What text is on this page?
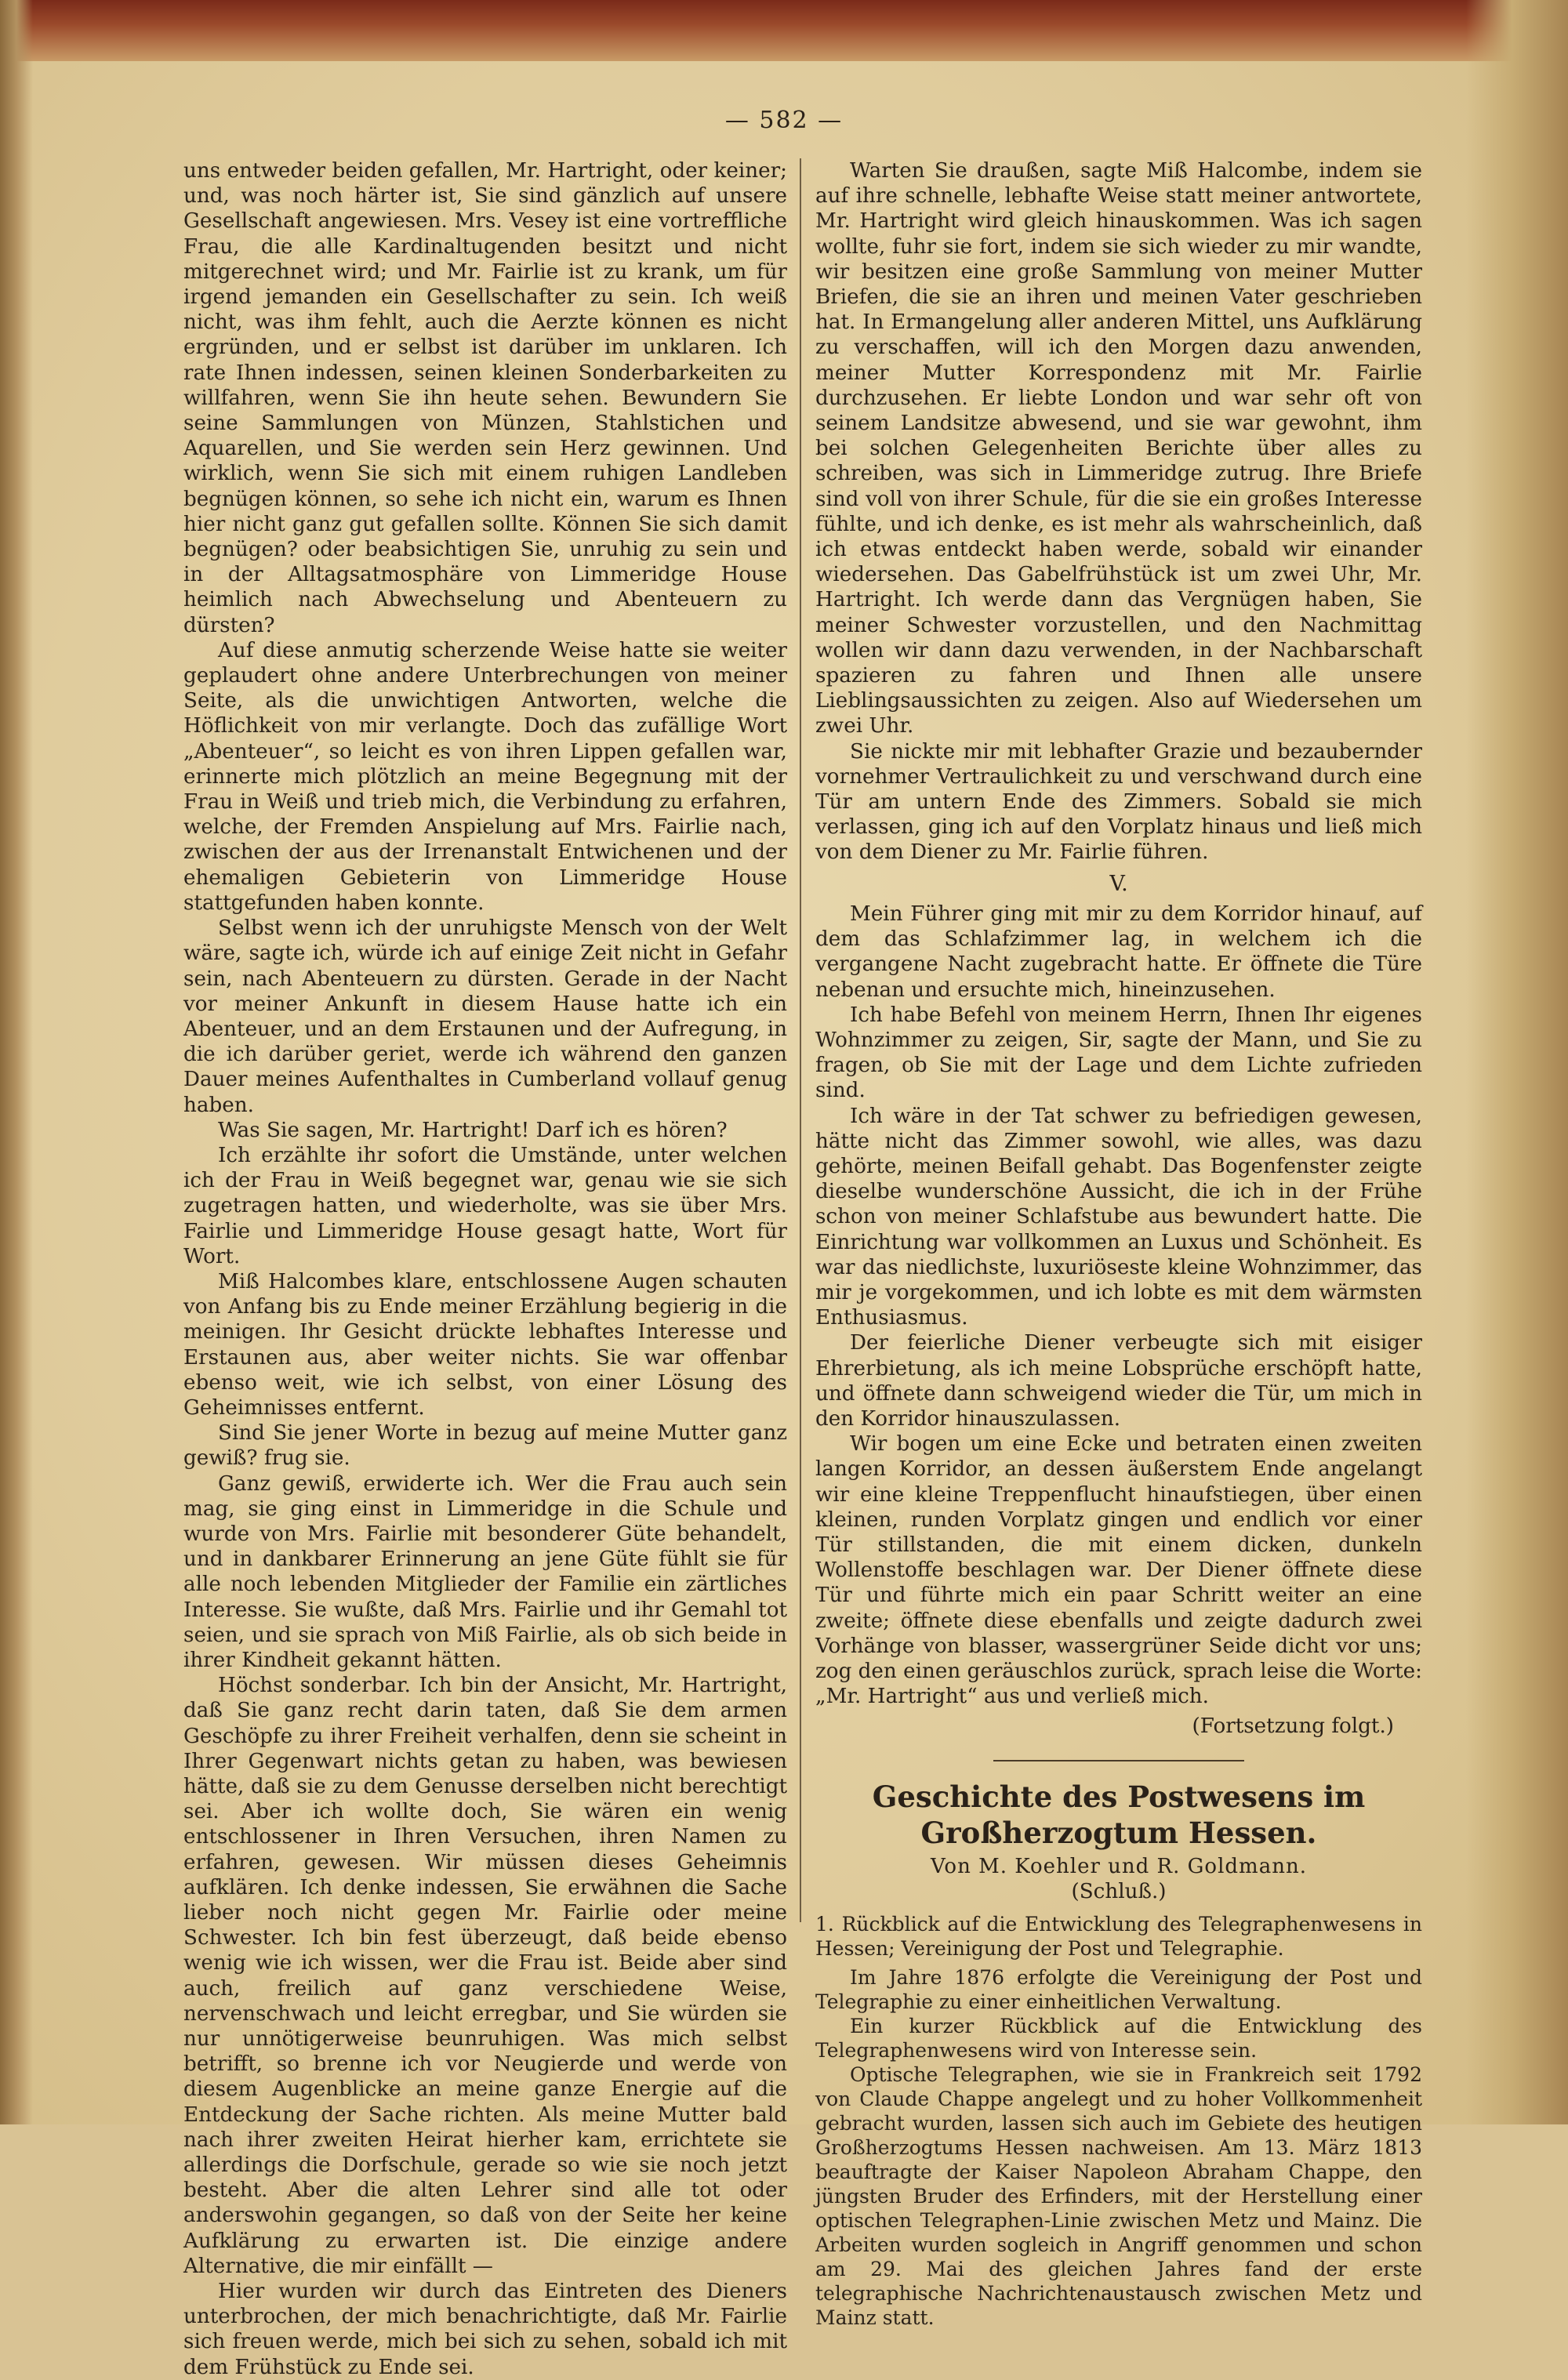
— 582 —

uns entweder beiden gefallen, Mr. Hartright, oder keiner; und, was noch härter ist, Sie sind gänzlich auf unsere Gesellschaft angewiesen. Mrs. Vesey ist eine vortreffliche Frau, die alle Kardinaltugenden besitzt und nicht mitgerechnet wird; und Mr. Fairlie ist zu krank, um für irgend jemanden ein Gesellschafter zu sein. Ich weiß nicht, was ihm fehlt, auch die Aerzte können es nicht ergründen, und er selbst ist darüber im unklaren. Ich rate Ihnen indessen, seinen kleinen Sonderbarkeiten zu willfahren, wenn Sie ihn heute sehen. Bewundern Sie seine Sammlungen von Münzen, Stahlstichen und Aquarellen, und Sie werden sein Herz gewinnen. Und wirklich, wenn Sie sich mit einem ruhigen Landleben begnügen können, so sehe ich nicht ein, warum es Ihnen hier nicht ganz gut gefallen sollte. Können Sie sich damit begnügen? oder beabsichtigen Sie, unruhig zu sein und in der Alltagsatmosphäre von Limmeridge House heimlich nach Abwechselung und Abenteuern zu dürsten?

Auf diese anmutig scherzende Weise hatte sie weiter geplaudert ohne andere Unterbrechungen von meiner Seite, als die unwichtigen Antworten, welche die Höflichkeit von mir verlangte. Doch das zufällige Wort „Abenteuer“, so leicht es von ihren Lippen gefallen war, erinnerte mich plötzlich an meine Begegnung mit der Frau in Weiß und trieb mich, die Verbindung zu erfahren, welche, der Fremden Anspielung auf Mrs. Fairlie nach, zwischen der aus der Irrenanstalt Entwichenen und der ehemaligen Gebieterin von Limmeridge House stattgefunden haben konnte.

Selbst wenn ich der unruhigste Mensch von der Welt wäre, sagte ich, würde ich auf einige Zeit nicht in Gefahr sein, nach Abenteuern zu dürsten. Gerade in der Nacht vor meiner Ankunft in diesem Hause hatte ich ein Abenteuer, und an dem Erstaunen und der Aufregung, in die ich darüber geriet, werde ich während den ganzen Dauer meines Aufenthaltes in Cumberland vollauf genug haben.

Was Sie sagen, Mr. Hartright! Darf ich es hören?

Ich erzählte ihr sofort die Umstände, unter welchen ich der Frau in Weiß begegnet war, genau wie sie sich zugetragen hatten, und wiederholte, was sie über Mrs. Fairlie und Limmeridge House gesagt hatte, Wort für Wort.

Miß Halcombes klare, entschlossene Augen schauten von Anfang bis zu Ende meiner Erzählung begierig in die meinigen. Ihr Gesicht drückte lebhaftes Interesse und Erstaunen aus, aber weiter nichts. Sie war offenbar ebenso weit, wie ich selbst, von einer Lösung des Geheimnisses entfernt.

Sind Sie jener Worte in bezug auf meine Mutter ganz gewiß? frug sie.

Ganz gewiß, erwiderte ich. Wer die Frau auch sein mag, sie ging einst in Limmeridge in die Schule und wurde von Mrs. Fairlie mit besonderer Güte behandelt, und in dankbarer Erinnerung an jene Güte fühlt sie für alle noch lebenden Mitglieder der Familie ein zärtliches Interesse. Sie wußte, daß Mrs. Fairlie und ihr Gemahl tot seien, und sie sprach von Miß Fairlie, als ob sich beide in ihrer Kindheit gekannt hätten.

Höchst sonderbar. Ich bin der Ansicht, Mr. Hartright, daß Sie ganz recht darin taten, daß Sie dem armen Geschöpfe zu ihrer Freiheit verhalfen, denn sie scheint in Ihrer Gegenwart nichts getan zu haben, was bewiesen hätte, daß sie zu dem Genusse derselben nicht berechtigt sei. Aber ich wollte doch, Sie wären ein wenig entschlossener in Ihren Versuchen, ihren Namen zu erfahren, gewesen. Wir müssen dieses Geheimnis aufklären. Ich denke indessen, Sie erwähnen die Sache lieber noch nicht gegen Mr. Fairlie oder meine Schwester. Ich bin fest überzeugt, daß beide ebenso wenig wie ich wissen, wer die Frau ist. Beide aber sind auch, freilich auf ganz verschiedene Weise, nervenschwach und leicht erregbar, und Sie würden sie nur unnötigerweise beunruhigen. Was mich selbst betrifft, so brenne ich vor Neugierde und werde von diesem Augenblicke an meine ganze Energie auf die Entdeckung der Sache richten. Als meine Mutter bald nach ihrer zweiten Heirat hierher kam, errichtete sie allerdings die Dorfschule, gerade so wie sie noch jetzt besteht. Aber die alten Lehrer sind alle tot oder anderswohin gegangen, so daß von der Seite her keine Aufklärung zu erwarten ist. Die einzige andere Alternative, die mir einfällt —

Hier wurden wir durch das Eintreten des Dieners unterbrochen, der mich benachrichtigte, daß Mr. Fairlie sich freuen werde, mich bei sich zu sehen, sobald ich mit dem Frühstück zu Ende sei.

Warten Sie draußen, sagte Miß Halcombe, indem sie auf ihre schnelle, lebhafte Weise statt meiner antwortete, Mr. Hartright wird gleich hinauskommen. Was ich sagen wollte, fuhr sie fort, indem sie sich wieder zu mir wandte, wir besitzen eine große Sammlung von meiner Mutter Briefen, die sie an ihren und meinen Vater geschrieben hat. In Ermangelung aller anderen Mittel, uns Aufklärung zu verschaffen, will ich den Morgen dazu anwenden, meiner Mutter Korrespondenz mit Mr. Fairlie durchzusehen. Er liebte London und war sehr oft von seinem Landsitze abwesend, und sie war gewohnt, ihm bei solchen Gelegenheiten Berichte über alles zu schreiben, was sich in Limmeridge zutrug. Ihre Briefe sind voll von ihrer Schule, für die sie ein großes Interesse fühlte, und ich denke, es ist mehr als wahrscheinlich, daß ich etwas entdeckt haben werde, sobald wir einander wiedersehen. Das Gabelfrühstück ist um zwei Uhr, Mr. Hartright. Ich werde dann das Vergnügen haben, Sie meiner Schwester vorzustellen, und den Nachmittag wollen wir dann dazu verwenden, in der Nachbarschaft spazieren zu fahren und Ihnen alle unsere Lieblingsaussichten zu zeigen. Also auf Wiedersehen um zwei Uhr.

Sie nickte mir mit lebhafter Grazie und bezaubernder vornehmer Vertraulichkeit zu und verschwand durch eine Tür am untern Ende des Zimmers. Sobald sie mich verlassen, ging ich auf den Vorplatz hinaus und ließ mich von dem Diener zu Mr. Fairlie führen.

V.

Mein Führer ging mit mir zu dem Korridor hinauf, auf dem das Schlafzimmer lag, in welchem ich die vergangene Nacht zugebracht hatte. Er öffnete die Türe nebenan und ersuchte mich, hineinzusehen.

Ich habe Befehl von meinem Herrn, Ihnen Ihr eigenes Wohnzimmer zu zeigen, Sir, sagte der Mann, und Sie zu fragen, ob Sie mit der Lage und dem Lichte zufrieden sind.

Ich wäre in der Tat schwer zu befriedigen gewesen, hätte nicht das Zimmer sowohl, wie alles, was dazu gehörte, meinen Beifall gehabt. Das Bogenfenster zeigte dieselbe wunderschöne Aussicht, die ich in der Frühe schon von meiner Schlafstube aus bewundert hatte. Die Einrichtung war vollkommen an Luxus und Schönheit. Es war das niedlichste, luxuriöseste kleine Wohnzimmer, das mir je vorgekommen, und ich lobte es mit dem wärmsten Enthusiasmus.

Der feierliche Diener verbeugte sich mit eisiger Ehrerbietung, als ich meine Lobsprüche erschöpft hatte, und öffnete dann schweigend wieder die Tür, um mich in den Korridor hinauszulassen.

Wir bogen um eine Ecke und betraten einen zweiten langen Korridor, an dessen äußerstem Ende angelangt wir eine kleine Treppenflucht hinaufstiegen, über einen kleinen, runden Vorplatz gingen und endlich vor einer Tür stillstanden, die mit einem dicken, dunkeln Wollenstoffe beschlagen war. Der Diener öffnete diese Tür und führte mich ein paar Schritt weiter an eine zweite; öffnete diese ebenfalls und zeigte dadurch zwei Vorhänge von blasser, wassergrüner Seide dicht vor uns; zog den einen geräuschlos zurück, sprach leise die Worte: „Mr. Hartright“ aus und verließ mich.

(Fortsetzung folgt.)
Geschichte des Postwesens im Großherzogtum Hessen.
Von M. Koehler und R. Goldmann.
(Schluß.)
1. Rückblick auf die Entwicklung des Telegraphenwesens in Hessen; Vereinigung der Post und Telegraphie.

Im Jahre 1876 erfolgte die Vereinigung der Post und Telegraphie zu einer einheitlichen Verwaltung.

Ein kurzer Rückblick auf die Entwicklung des Telegraphenwesens wird von Interesse sein.

Optische Telegraphen, wie sie in Frankreich seit 1792 von Claude Chappe angelegt und zu hoher Vollkommenheit gebracht wurden, lassen sich auch im Gebiete des heutigen Großherzogtums Hessen nachweisen. Am 13. März 1813 beauftragte der Kaiser Napoleon Abraham Chappe, den jüngsten Bruder des Erfinders, mit der Herstellung einer optischen Telegraphen-Linie zwischen Metz und Mainz. Die Arbeiten wurden sogleich in Angriff genommen und schon am 29. Mai des gleichen Jahres fand der erste telegraphische Nachrichtenaustausch zwischen Metz und Mainz statt.
